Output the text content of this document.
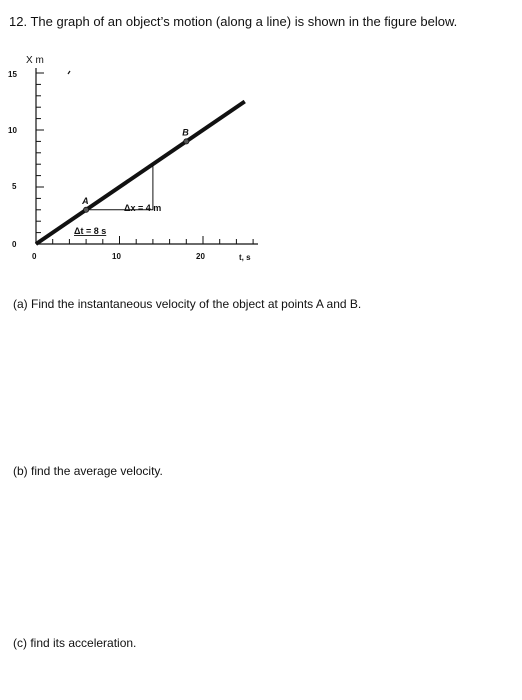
12. The graph of an object’s motion (along a line) is shown in the figure below.
X m
t, s
0
5
10
15
0	10	20
A
B
Δx = 4 m
Δt = 8 s
(a) Find the instantaneous velocity of the object at points A and B.
(b) find the average velocity.
(c) find its acceleration.
